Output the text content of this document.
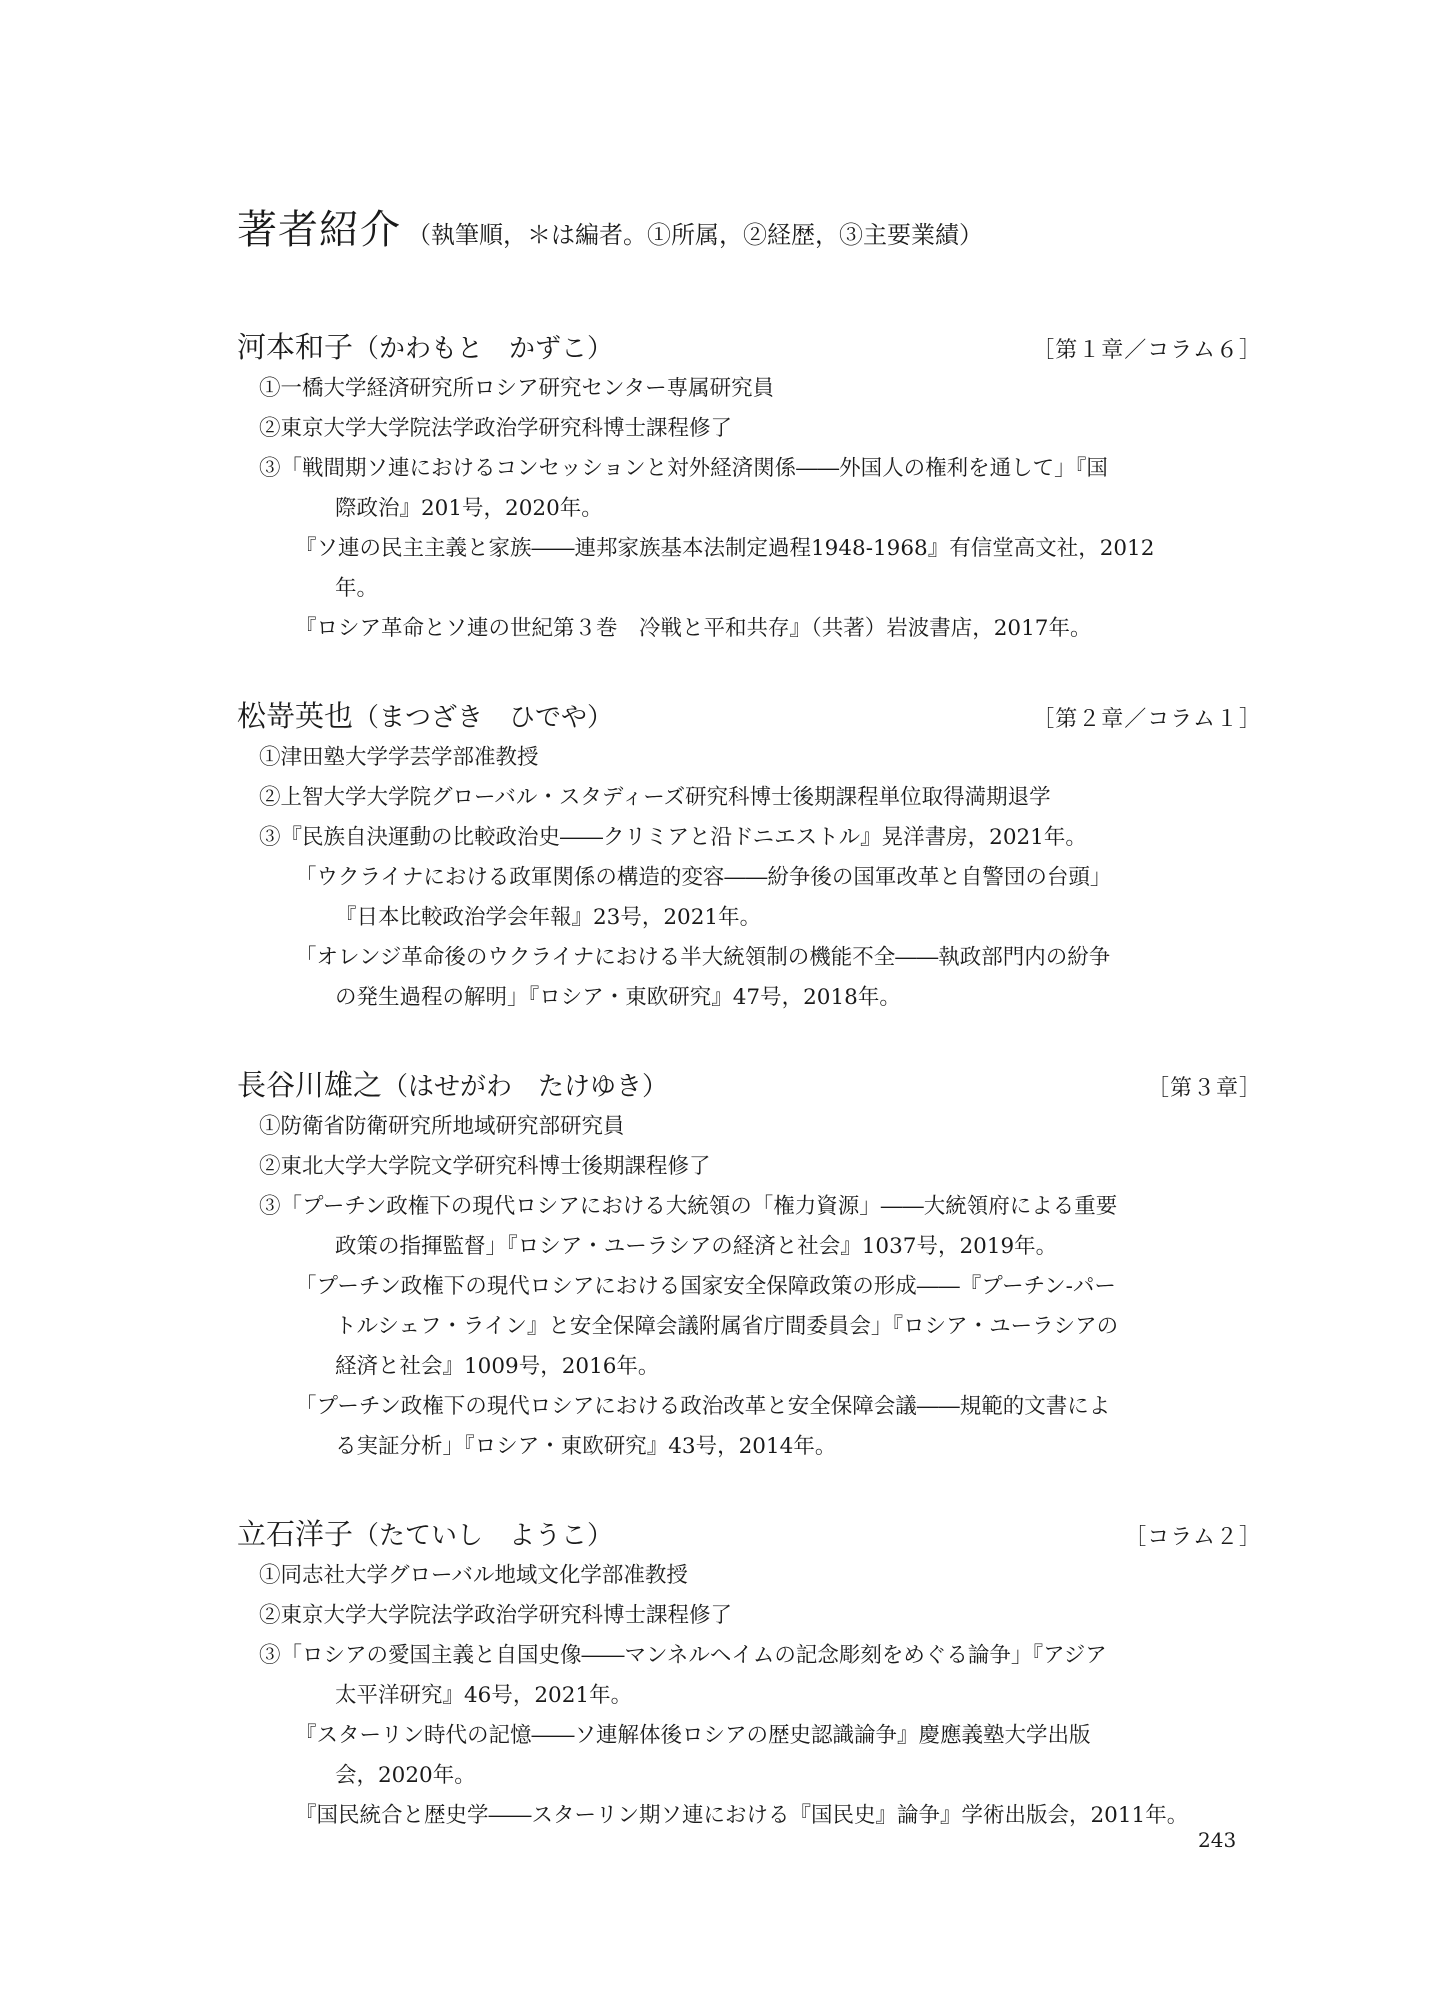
著者紹介 （執筆順，＊は編者。①所属，②経歴，③主要業績）
河本和子（かわもと　かずこ）	［第１章／コラム６］
①一橋大学経済研究所ロシア研究センター専属研究員
②東京大学大学院法学政治学研究科博士課程修了
③「戦間期ソ連におけるコンセッションと対外経済関係――外国人の権利を通して」『国
際政治』201号，2020年。
『ソ連の民主主義と家族――連邦家族基本法制定過程1948-1968』有信堂高文社，2012
年。
『ロシア革命とソ連の世紀第３巻　冷戦と平和共存』（共著）岩波書店，2017年。
松嵜英也（まつざき　ひでや）	［第２章／コラム１］
①津田塾大学学芸学部准教授
②上智大学大学院グローバル・スタディーズ研究科博士後期課程単位取得満期退学
③『民族自決運動の比較政治史――クリミアと沿ドニエストル』晃洋書房，2021年。
「ウクライナにおける政軍関係の構造的変容――紛争後の国軍改革と自警団の台頭」
『日本比較政治学会年報』23号，2021年。
「オレンジ革命後のウクライナにおける半大統領制の機能不全――執政部門内の紛争
の発生過程の解明」『ロシア・東欧研究』47号，2018年。
長谷川雄之（はせがわ　たけゆき）	［第３章］
①防衛省防衛研究所地域研究部研究員
②東北大学大学院文学研究科博士後期課程修了
③「プーチン政権下の現代ロシアにおける大統領の「権力資源」――大統領府による重要
政策の指揮監督」『ロシア・ユーラシアの経済と社会』1037号，2019年。
「プーチン政権下の現代ロシアにおける国家安全保障政策の形成――『プーチン‐パー
トルシェフ・ライン』と安全保障会議附属省庁間委員会」『ロシア・ユーラシアの
経済と社会』1009号，2016年。
「プーチン政権下の現代ロシアにおける政治改革と安全保障会議――規範的文書によ
る実証分析」『ロシア・東欧研究』43号，2014年。
立石洋子（たていし　ようこ）	［コラム２］
①同志社大学グローバル地域文化学部准教授
②東京大学大学院法学政治学研究科博士課程修了
③「ロシアの愛国主義と自国史像――マンネルヘイムの記念彫刻をめぐる論争」『アジア
太平洋研究』46号，2021年。
『スターリン時代の記憶――ソ連解体後ロシアの歴史認識論争』慶應義塾大学出版
会，2020年。
『国民統合と歴史学――スターリン期ソ連における『国民史』論争』学術出版会，2011年。
243
